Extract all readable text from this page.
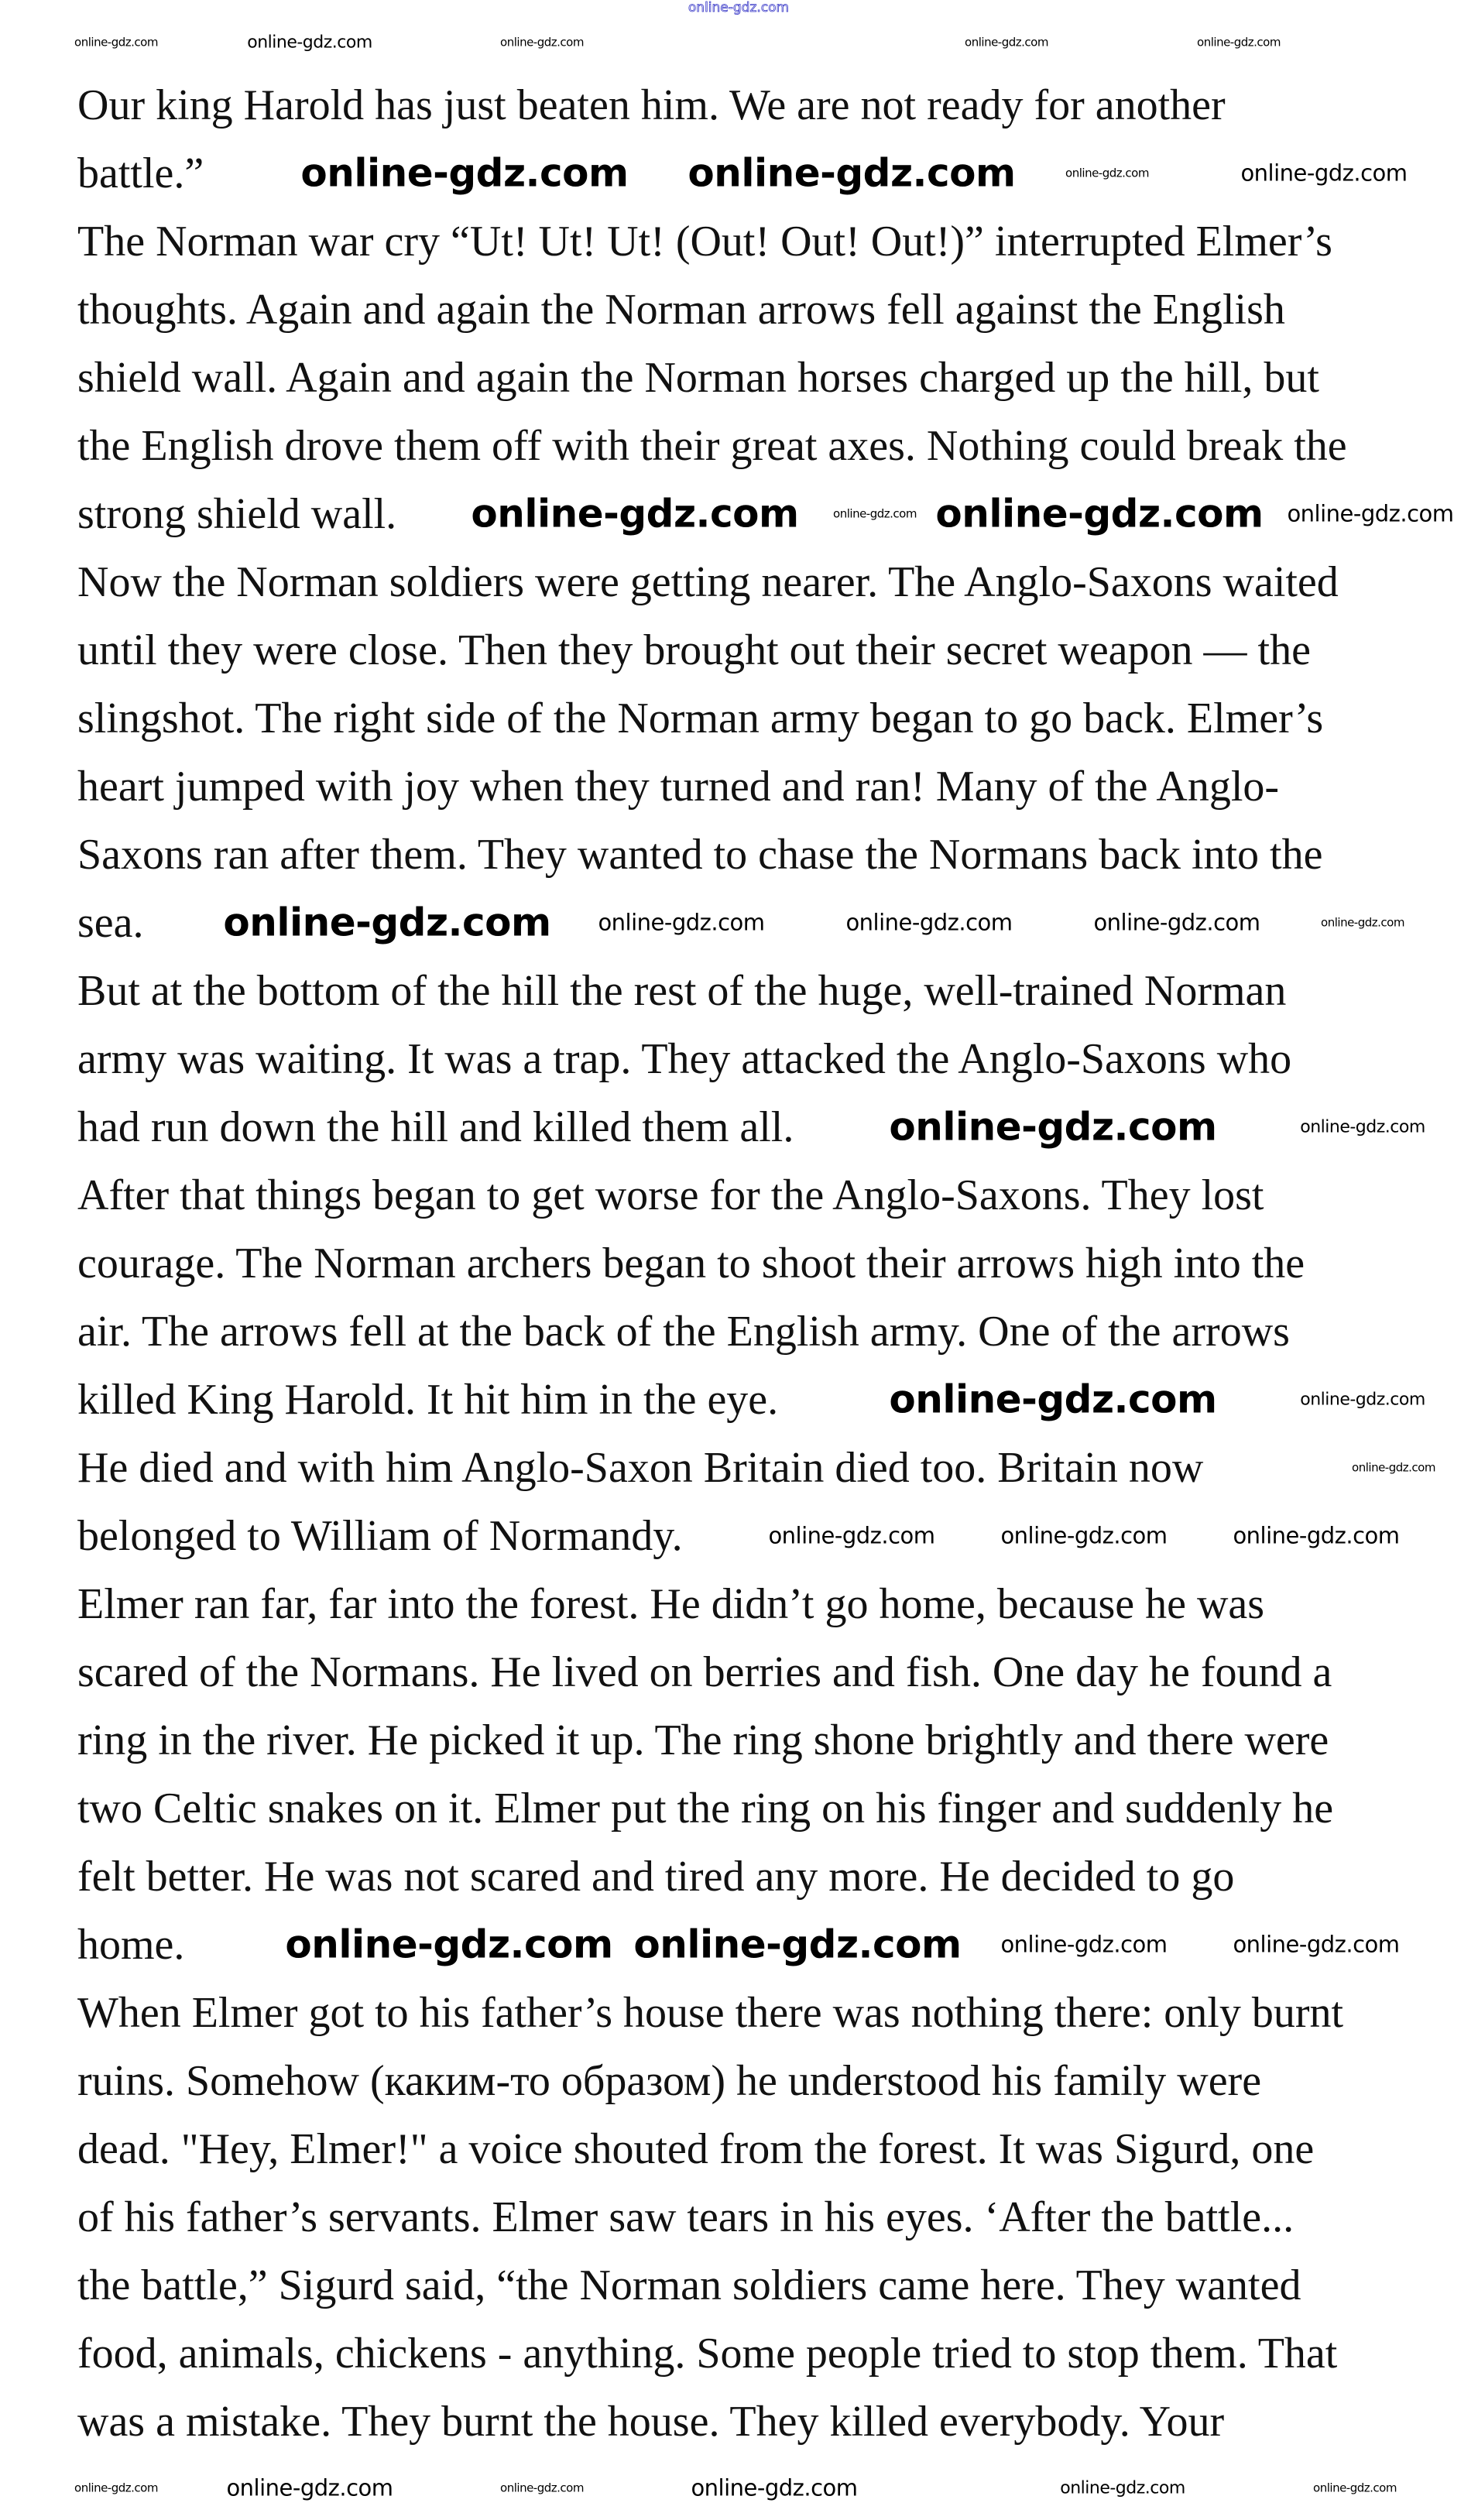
online-gdz.com
Our king Harold has just beaten him. We are not ready for another
battle.”
The Norman war cry “Ut! Ut! Ut! (Out! Out! Out!)” interrupted Elmer’s
thoughts. Again and again the Norman arrows fell against the English
shield wall. Again and again the Norman horses charged up the hill, but
the English drove them off with their great axes. Nothing could break the
strong shield wall.
Now the Norman soldiers were getting nearer. The Anglo-Saxons waited
until they were close. Then they brought out their secret weapon — the
slingshot. The right side of the Norman army began to go back. Elmer’s
heart jumped with joy when they turned and ran! Many of the Anglo-
Saxons ran after them. They wanted to chase the Normans back into the
sea.
But at the bottom of the hill the rest of the huge, well-trained Norman
army was waiting. It was a trap. They attacked the Anglo-Saxons who
had run down the hill and killed them all.
After that things began to get worse for the Anglo-Saxons. They lost
courage. The Norman archers began to shoot their arrows high into the
air. The arrows fell at the back of the English army. One of the arrows
killed King Harold. It hit him in the eye.
He died and with him Anglo-Saxon Britain died too. Britain now
belonged to William of Normandy.
Elmer ran far, far into the forest. He didn’t go home, because he was
scared of the Normans. He lived on berries and fish. One day he found a
ring in the river. He picked it up. The ring shone brightly and there were
two Celtic snakes on it. Elmer put the ring on his finger and suddenly he
felt better. He was not scared and tired any more. He decided to go
home.
When Elmer got to his father’s house there was nothing there: only burnt
ruins. Somehow (каким-то образом) he understood his family were
dead. "Hey, Elmer!" a voice shouted from the forest. It was Sigurd, one
of his father’s servants. Elmer saw tears in his eyes. ‘After the battle...
the battle,” Sigurd said, “the Norman soldiers came here. They wanted
food, animals, chickens - anything. Some people tried to stop them. That
was a mistake. They burnt the house. They killed everybody. Your
online-gdz.com	online-gdz.com	online-gdz.com	online-gdz.com
online-gdz.com
online-gdz.com online-gdz.com	online-gdz.com	online-gdz.com
online-gdz.com	online-gdz.com online-gdz.com online-gdz.com
online-gdz.com online-gdz.com	online-gdz.com	online-gdz.com	online-gdz.com
online-gdz.com	online-gdz.com
online-gdz.com	online-gdz.com
online-gdz.com
online-gdz.com	online-gdz.com	online-gdz.com
online-gdz.com online-gdz.com online-gdz.com	online-gdz.com
online-gdz.com	online-gdz.com	online-gdz.com	online-gdz.com	online-gdz.com	online-gdz.com
